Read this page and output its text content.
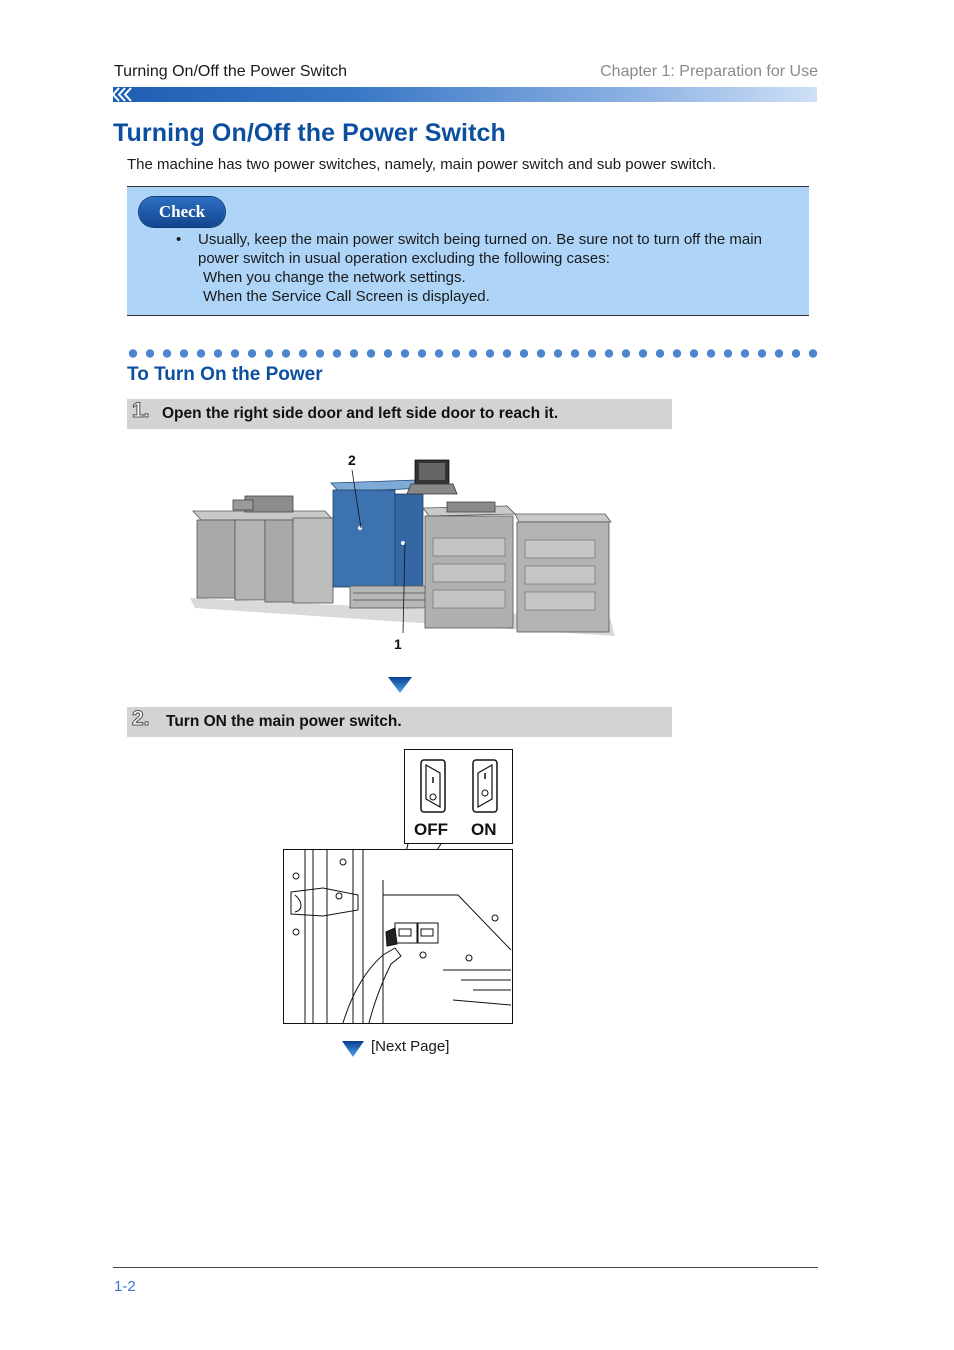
Turning On/Off the Power Switch	Chapter 1: Preparation for Use
Turning On/Off the Power Switch
The machine has two power switches, namely, main power switch and sub power switch.
Check
• Usually, keep the main power switch being turned on. Be sure not to turn off the main power switch in usual operation excluding the following cases:
When you change the network settings.
When the Service Call Screen is displayed.
To Turn On the Power
1. Open the right side door and left side door to reach it.
2
1
2. Turn ON the main power switch.
OFF ON
[Next Page]
1-2
